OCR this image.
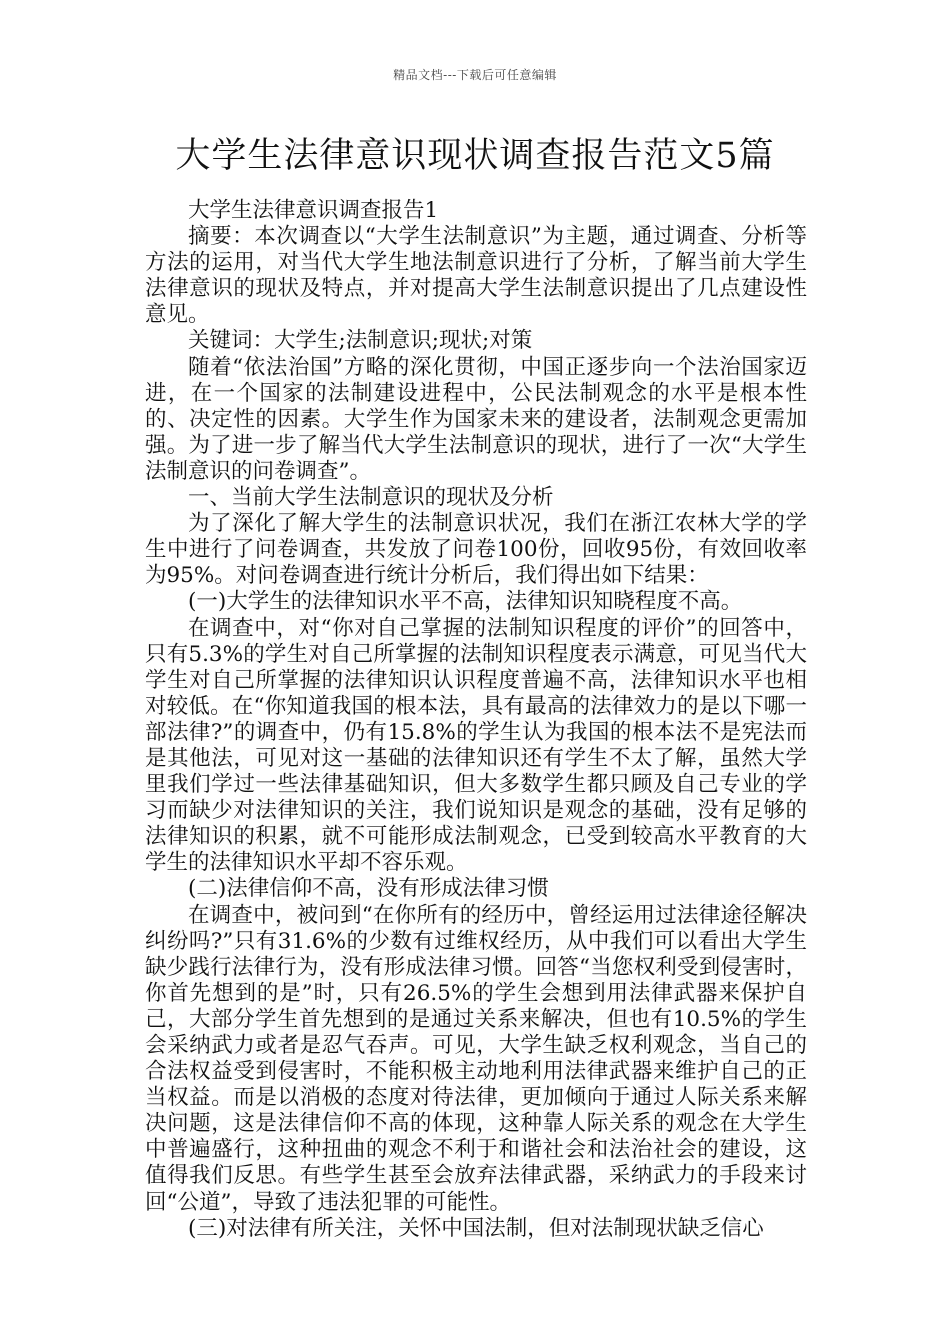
精品文档---下载后可任意编辑
大学生法律意识现状调查报告范文5篇

大学生法律意识调查报告1

摘要：本次调查以“大学生法制意识”为主题，通过调查、分析等方法的运用，对当代大学生地法制意识进行了分析，了解当前大学生法律意识的现状及特点，并对提高大学生法制意识提出了几点建设性意见。

关键词：大学生;法制意识;现状;对策

随着“依法治国”方略的深化贯彻，中国正逐步向一个法治国家迈进，在一个国家的法制建设进程中，公民法制观念的水平是根本性的、决定性的因素。大学生作为国家未来的建设者，法制观念更需加强。为了进一步了解当代大学生法制意识的现状，进行了一次“大学生法制意识的问卷调查”。

一、当前大学生法制意识的现状及分析

为了深化了解大学生的法制意识状况，我们在浙江农林大学的学生中进行了问卷调查，共发放了问卷100份，回收95份，有效回收率为95%。对问卷调查进行统计分析后，我们得出如下结果：

(一)大学生的法律知识水平不高，法律知识知晓程度不高。

在调查中，对“你对自己掌握的法制知识程度的评价”的回答中，只有5.3%的学生对自己所掌握的法制知识程度表示满意，可见当代大学生对自己所掌握的法律知识认识程度普遍不高，法律知识水平也相对较低。在“你知道我国的根本法，具有最高的法律效力的是以下哪一部法律?”的调查中，仍有15.8%的学生认为我国的根本法不是宪法而是其他法，可见对这一基础的法律知识还有学生不太了解，虽然大学里我们学过一些法律基础知识，但大多数学生都只顾及自己专业的学习而缺少对法律知识的关注，我们说知识是观念的基础，没有足够的法律知识的积累，就不可能形成法制观念，已受到较高水平教育的大学生的法律知识水平却不容乐观。

(二)法律信仰不高，没有形成法律习惯

在调查中，被问到“在你所有的经历中，曾经运用过法律途径解决纠纷吗?”只有31.6%的少数有过维权经历，从中我们可以看出大学生缺少践行法律行为，没有形成法律习惯。回答“当您权利受到侵害时，你首先想到的是”时，只有26.5%的学生会想到用法律武器来保护自己，大部分学生首先想到的是通过关系来解决，但也有10.5%的学生会采纳武力或者是忍气吞声。可见，大学生缺乏权利观念，当自己的合法权益受到侵害时，不能积极主动地利用法律武器来维护自己的正当权益。而是以消极的态度对待法律，更加倾向于通过人际关系来解决问题，这是法律信仰不高的体现，这种靠人际关系的观念在大学生中普遍盛行，这种扭曲的观念不利于和谐社会和法治社会的建设，这值得我们反思。有些学生甚至会放弃法律武器，采纳武力的手段来讨回“公道”，导致了违法犯罪的可能性。

(三)对法律有所关注，关怀中国法制，但对法制现状缺乏信心
